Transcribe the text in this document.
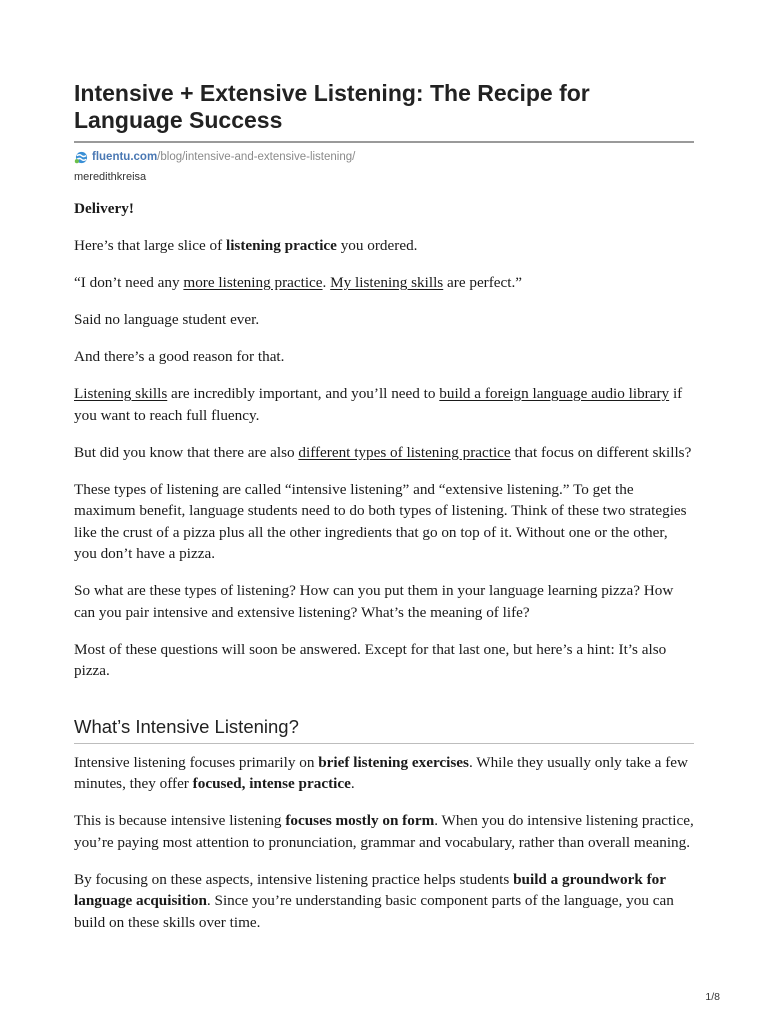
Intensive + Extensive Listening: The Recipe for Language Success
fluentu.com /blog/intensive-and-extensive-listening/
meredithkreisa

Delivery!

Here’s that large slice of listening practice you ordered.

“I don’t need any more listening practice. My listening skills are perfect.”

Said no language student ever.

And there’s a good reason for that.

Listening skills are incredibly important, and you’ll need to build a foreign language audio library if you want to reach full fluency.

But did you know that there are also different types of listening practice that focus on different skills?

These types of listening are called “intensive listening” and “extensive listening.” To get the maximum benefit, language students need to do both types of listening. Think of these two strategies like the crust of a pizza plus all the other ingredients that go on top of it. Without one or the other, you don’t have a pizza.

So what are these types of listening? How can you put them in your language learning pizza? How can you pair intensive and extensive listening? What’s the meaning of life?

Most of these questions will soon be answered. Except for that last one, but here’s a hint: It’s also pizza.

What’s Intensive Listening?

Intensive listening focuses primarily on brief listening exercises. While they usually only take a few minutes, they offer focused, intense practice.

This is because intensive listening focuses mostly on form. When you do intensive listening practice, you’re paying most attention to pronunciation, grammar and vocabulary, rather than overall meaning.

By focusing on these aspects, intensive listening practice helps students build a groundwork for language acquisition. Since you’re understanding basic component parts of the language, you can build on these skills over time.

1/8
